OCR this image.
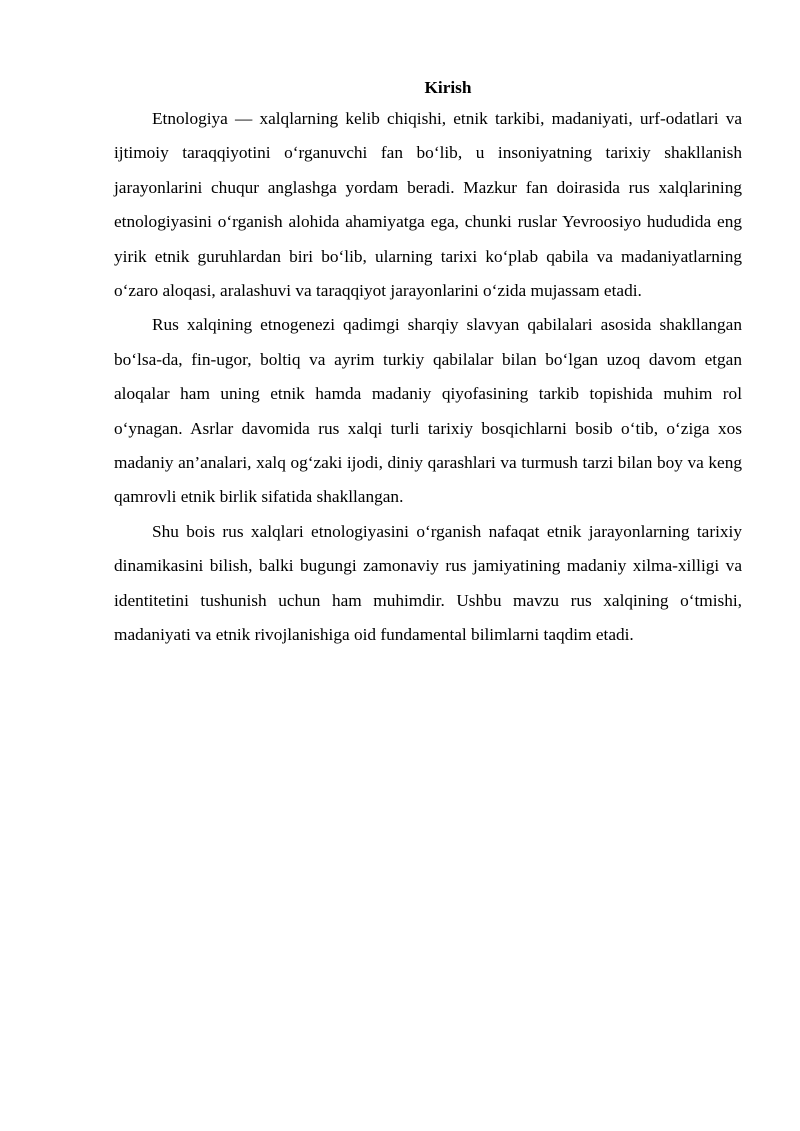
Kirish

Etnologiya — xalqlarning kelib chiqishi, etnik tarkibi, madaniyati, urf-odatlari va ijtimoiy taraqqiyotini o‘rganuvchi fan bo‘lib, u insoniyatning tarixiy shakllanish jarayonlarini chuqur anglashga yordam beradi. Mazkur fan doirasida rus xalqlarining etnologiyasini o‘rganish alohida ahamiyatga ega, chunki ruslar Yevroosiyo hududida eng yirik etnik guruhlardan biri bo‘lib, ularning tarixi ko‘plab qabila va madaniyatlarning o‘zaro aloqasi, aralashuvi va taraqqiyot jarayonlarini o‘zida mujassam etadi.

Rus xalqining etnogenezi qadimgi sharqiy slavyan qabilalari asosida shakllangan bo‘lsa-da, fin-ugor, boltiq va ayrim turkiy qabilalar bilan bo‘lgan uzoq davom etgan aloqalar ham uning etnik hamda madaniy qiyofasining tarkib topishida muhim rol o‘ynagan. Asrlar davomida rus xalqi turli tarixiy bosqichlarni bosib o‘tib, o‘ziga xos madaniy an’analari, xalq og‘zaki ijodi, diniy qarashlari va turmush tarzi bilan boy va keng qamrovli etnik birlik sifatida shakllangan.

Shu bois rus xalqlari etnologiyasini o‘rganish nafaqat etnik jarayonlarning tarixiy dinamikasini bilish, balki bugungi zamonaviy rus jamiyatining madaniy xilma-xilligi va identitetini tushunish uchun ham muhimdir. Ushbu mavzu rus xalqining o‘tmishi, madaniyati va etnik rivojlanishiga oid fundamental bilimlarni taqdim etadi.
